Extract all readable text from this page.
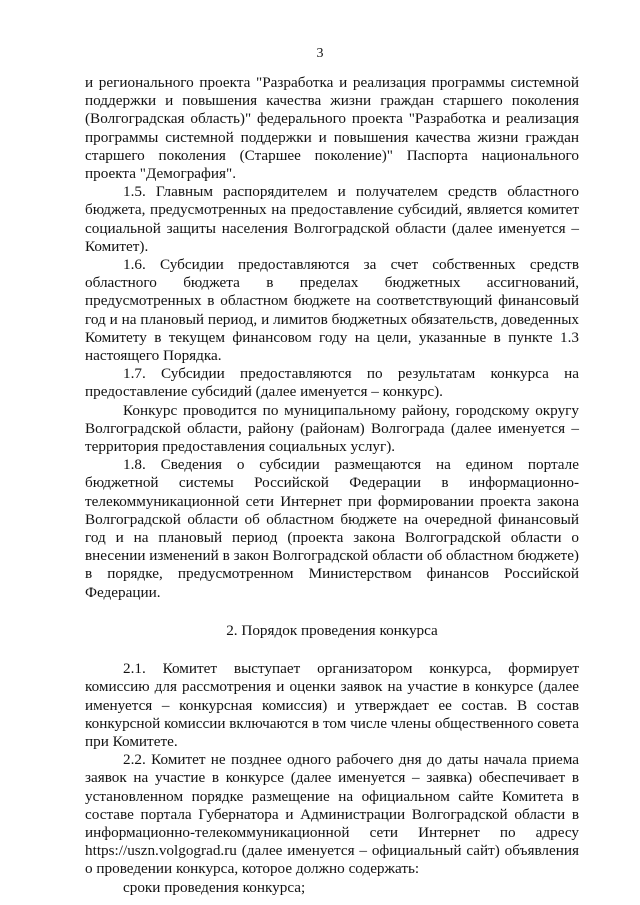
3

и регионального проекта "Разработка и реализация программы системной поддержки и повышения качества жизни граждан старшего поколения (Волгоградская область)" федерального проекта "Разработка и реализация программы системной поддержки и повышения качества жизни граждан старшего поколения (Старшее поколение)" Паспорта национального проекта "Демография".

1.5. Главным распорядителем и получателем средств областного бюджета, предусмотренных на предоставление субсидий, является комитет социальной защиты населения Волгоградской области (далее именуется – Комитет).

1.6. Субсидии предоставляются за счет собственных средств областного бюджета в пределах бюджетных ассигнований, предусмотренных в областном бюджете на соответствующий финансовый год и на плановый период, и лимитов бюджетных обязательств, доведенных Комитету в текущем финансовом году на цели, указанные в пункте 1.3 настоящего Порядка.

1.7. Субсидии предоставляются по результатам конкурса на предоставление субсидий (далее именуется – конкурс).

Конкурс проводится по муниципальному району, городскому округу Волгоградской области, району (районам) Волгограда (далее именуется – территория предоставления социальных услуг).

1.8. Сведения о субсидии размещаются на едином портале бюджетной системы Российской Федерации в информационно-телекоммуникационной сети Интернет при формировании проекта закона Волгоградской области об областном бюджете на очередной финансовый год и на плановый период (проекта закона Волгоградской области о внесении изменений в закон Волгоградской области об областном бюджете) в порядке, предусмотренном Министерством финансов Российской Федерации.

2. Порядок проведения конкурса

2.1. Комитет выступает организатором конкурса, формирует комиссию для рассмотрения и оценки заявок на участие в конкурсе (далее именуется – конкурсная комиссия) и утверждает ее состав. В состав конкурсной комиссии включаются в том числе члены общественного совета при Комитете.

2.2. Комитет не позднее одного рабочего дня до даты начала приема заявок на участие в конкурсе (далее именуется – заявка) обеспечивает в установленном порядке размещение на официальном сайте Комитета в составе портала Губернатора и Администрации Волгоградской области в информационно-телекоммуникационной сети Интернет по адресу https://uszn.volgograd.ru (далее именуется – официальный сайт) объявления о проведении конкурса, которое должно содержать:

сроки проведения конкурса;
